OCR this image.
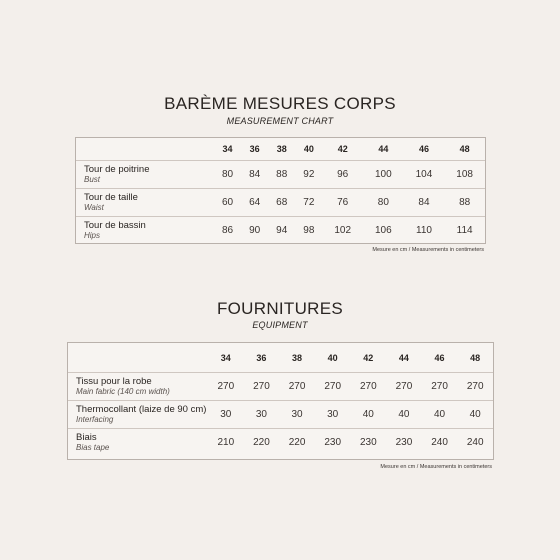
BARÈME MESURES CORPS
MEASUREMENT CHART
	34	36	38	40	42	44	46	48

Tour de poitrine
Bust	80	84	88	92	96	100	104	108

Tour de taille
Waist	60	64	68	72	76	80	84	88

Tour de bassin
Hips	86	90	94	98	102	106	110	114
Mesure en cm / Measurements in centimeters
FOURNITURES
EQUIPMENT
	34	36	38	40	42	44	46	48

Tissu pour la robe
Main fabric (140 cm width)	270	270	270	270	270	270	270	270

Thermocollant (laize de 90 cm)
Interfacing	30	30	30	30	40	40	40	40

Biais
Bias tape	210	220	220	230	230	230	240	240
Mesure en cm / Measurements in centimeters
